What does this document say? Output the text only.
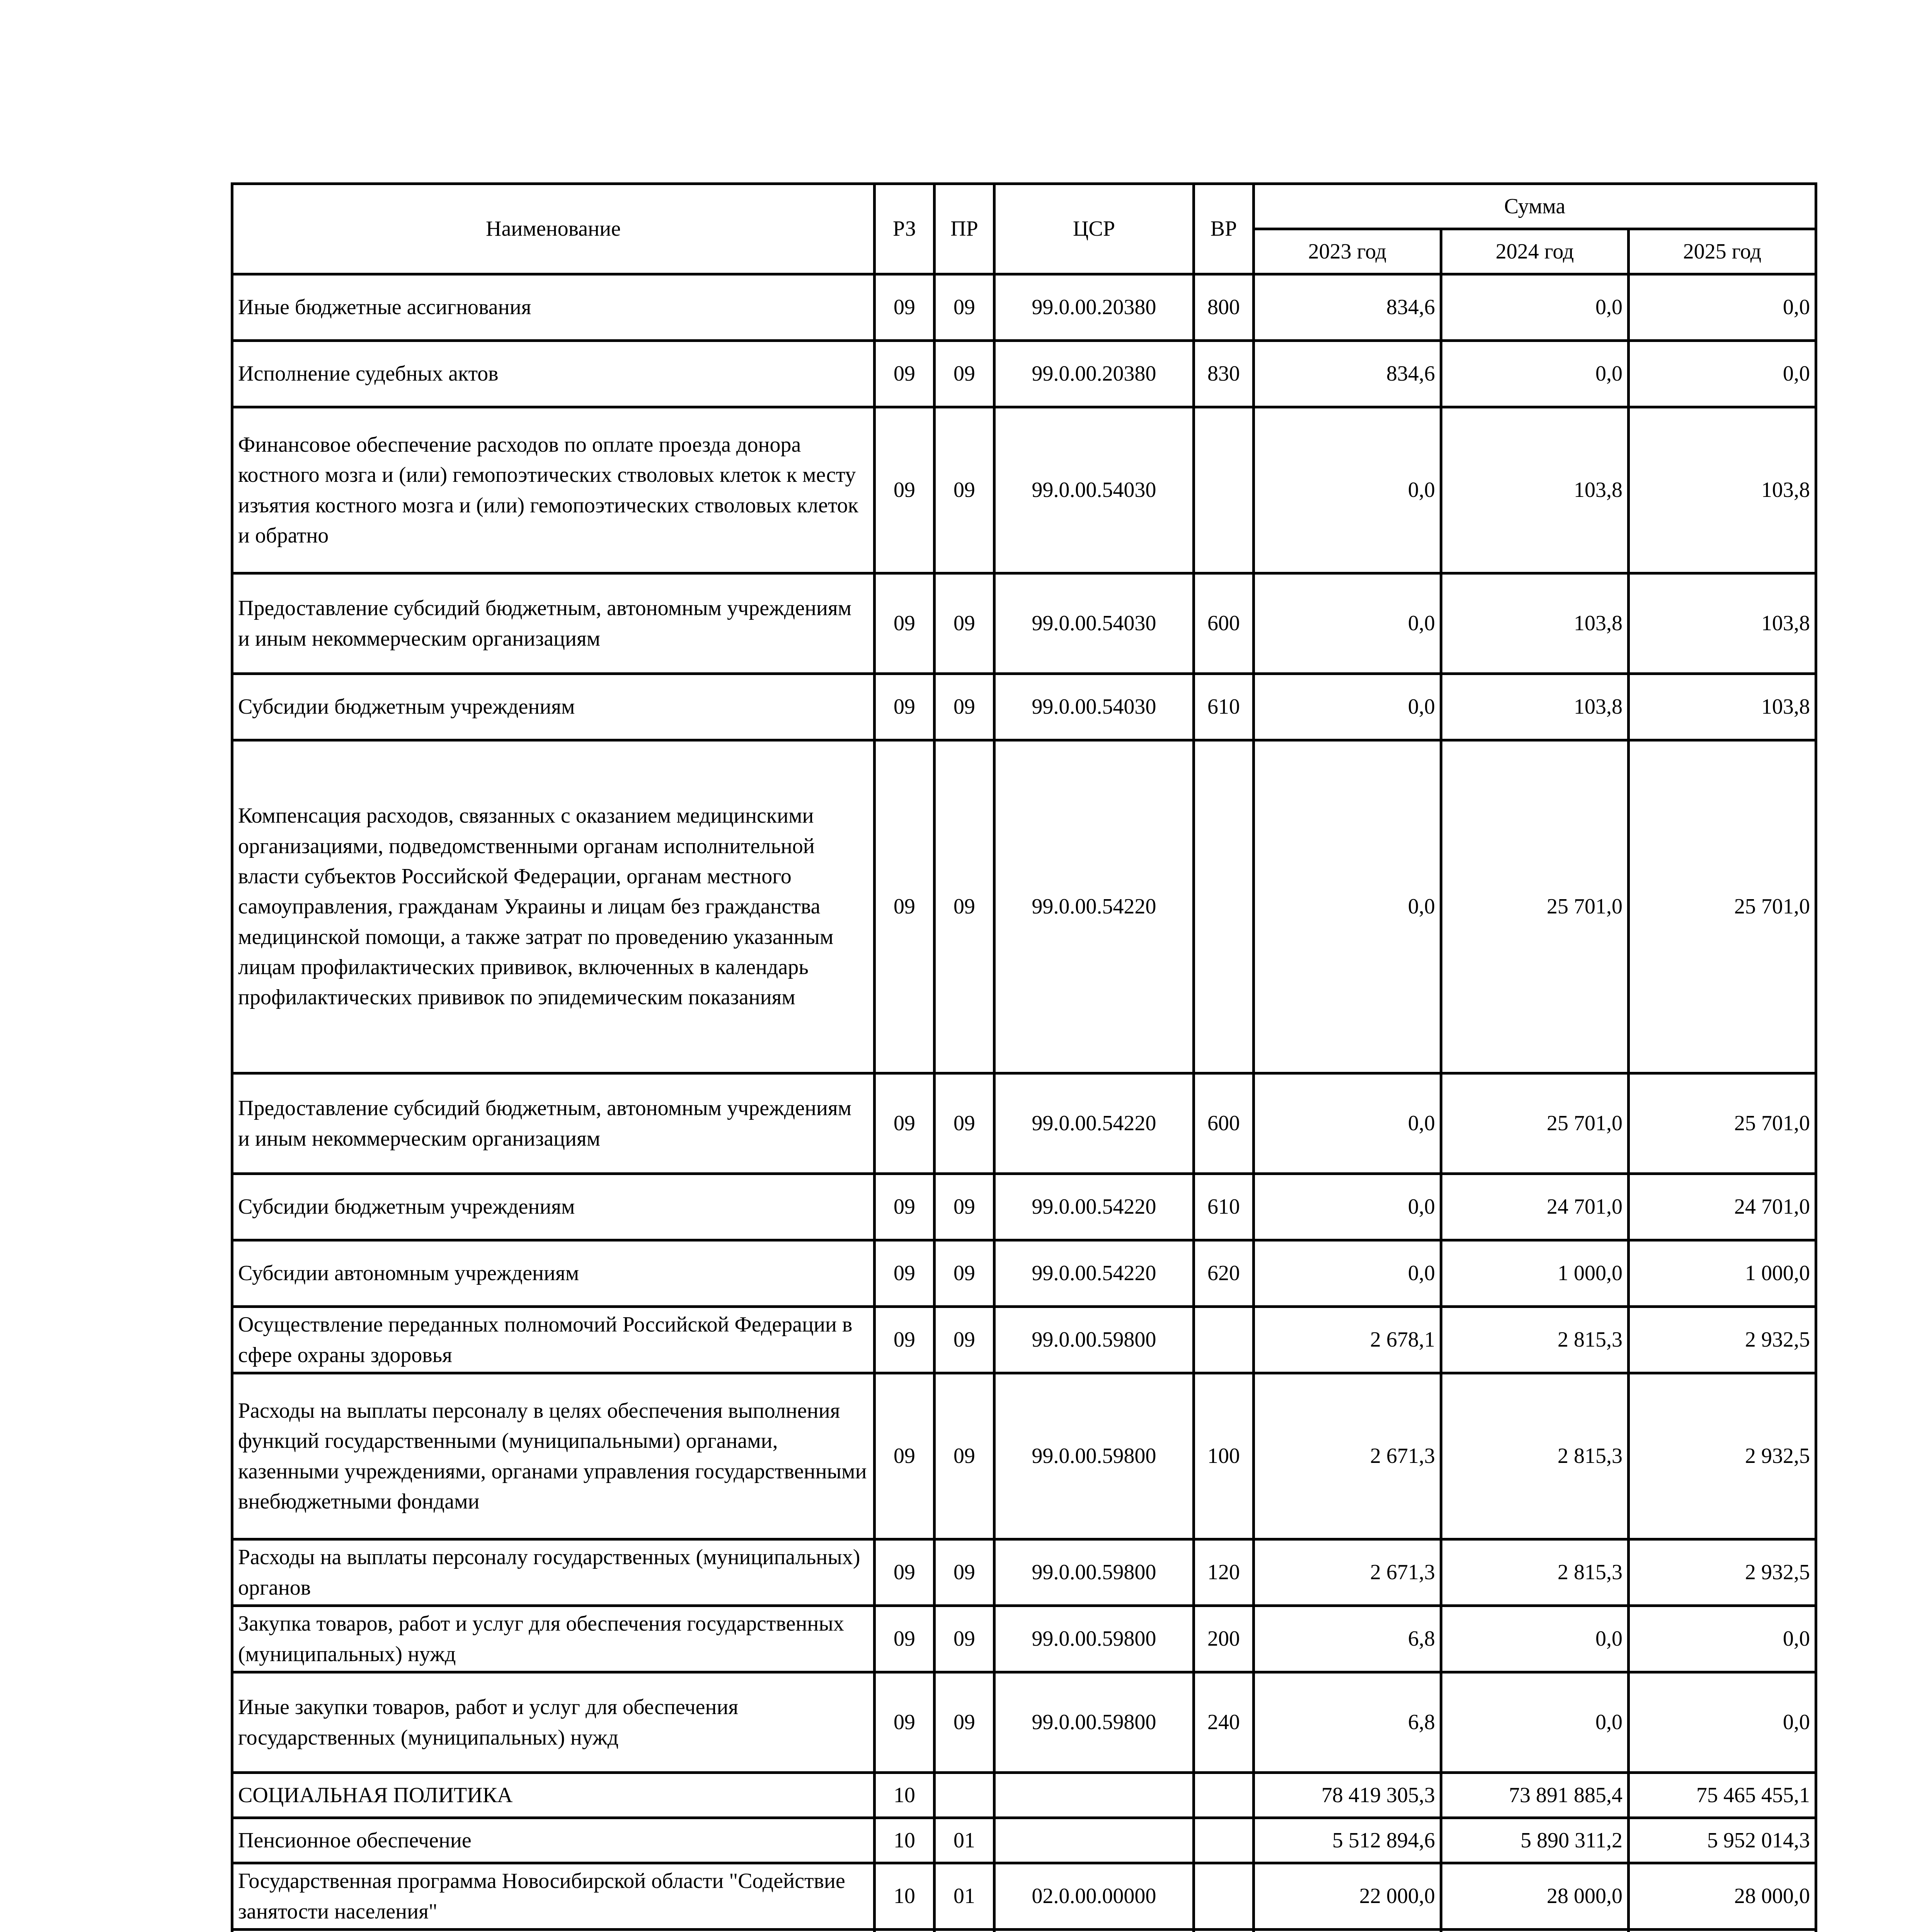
Наименование	РЗ	ПР	ЦСР	ВР	Сумма		
					2023 год	2024 год	2025 год
Иные бюджетные ассигнования	09	09	99.0.00.20380	800	834,6	0,0	0,0
Исполнение судебных актов	09	09	99.0.00.20380	830	834,6	0,0	0,0
Финансовое обеспечение расходов по оплате проезда донора костного мозга и (или) гемопоэтических стволовых клеток к месту изъятия костного мозга и (или) гемопоэтических стволовых клеток и обратно	09	09	99.0.00.54030		0,0	103,8	103,8
Предоставление субсидий бюджетным, автономным учреждениям и иным некоммерческим организациям	09	09	99.0.00.54030	600	0,0	103,8	103,8
Субсидии бюджетным учреждениям	09	09	99.0.00.54030	610	0,0	103,8	103,8
Компенсация расходов, связанных с оказанием медицинскими организациями, подведомственными органам исполнительной власти субъектов Российской Федерации, органам местного самоуправления, гражданам Украины и лицам без гражданства медицинской помощи, а также затрат по проведению указанным лицам профилактических прививок, включенных в календарь профилактических прививок по эпидемическим показаниям	09	09	99.0.00.54220		0,0	25 701,0	25 701,0
Предоставление субсидий бюджетным, автономным учреждениям и иным некоммерческим организациям	09	09	99.0.00.54220	600	0,0	25 701,0	25 701,0
Субсидии бюджетным учреждениям	09	09	99.0.00.54220	610	0,0	24 701,0	24 701,0
Субсидии автономным учреждениям	09	09	99.0.00.54220	620	0,0	1 000,0	1 000,0
Осуществление переданных полномочий Российской Федерации в сфере охраны здоровья	09	09	99.0.00.59800		2 678,1	2 815,3	2 932,5
Расходы на выплаты персоналу в целях обеспечения выполнения функций государственными (муниципальными) органами, казенными учреждениями, органами управления государственными внебюджетными фондами	09	09	99.0.00.59800	100	2 671,3	2 815,3	2 932,5
Расходы на выплаты персоналу государственных (муниципальных) органов	09	09	99.0.00.59800	120	2 671,3	2 815,3	2 932,5
Закупка товаров, работ и услуг для обеспечения государственных (муниципальных) нужд	09	09	99.0.00.59800	200	6,8	0,0	0,0
Иные закупки товаров, работ и услуг для обеспечения государственных (муниципальных) нужд	09	09	99.0.00.59800	240	6,8	0,0	0,0
СОЦИАЛЬНАЯ ПОЛИТИКА	10				78 419 305,3	73 891 885,4	75 465 455,1
Пенсионное обеспечение	10	01			5 512 894,6	5 890 311,2	5 952 014,3
Государственная программа Новосибирской области "Содействие занятости населения"	10	01	02.0.00.00000		22 000,0	28 000,0	28 000,0
